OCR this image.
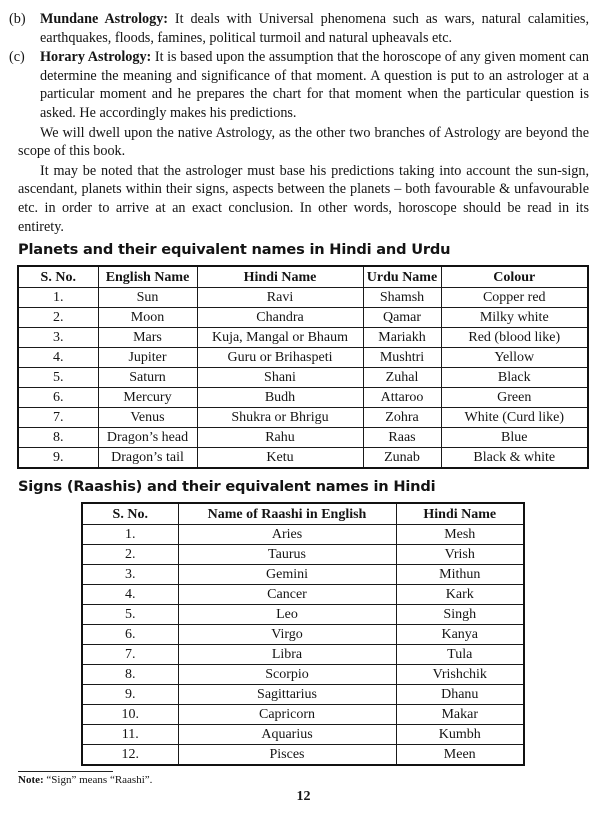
(b) Mundane Astrology: It deals with Universal phenomena such as wars, natural calamities, earthquakes, floods, famines, political turmoil and natural upheavals etc.
(c) Horary Astrology: It is based upon the assumption that the horoscope of any given moment can determine the meaning and significance of that moment. A question is put to an astrologer at a particular moment and he prepares the chart for that moment when the particular question is asked. He accordingly makes his predictions.
We will dwell upon the native Astrology, as the other two branches of Astrology are beyond the scope of this book.
It may be noted that the astrologer must base his predictions taking into account the sun-sign, ascendant, planets within their signs, aspects between the planets – both favourable & unfavourable etc. in order to arrive at an exact conclusion. In other words, horoscope should be read in its entirety.
Planets and their equivalent names in Hindi and Urdu
S. No.	English Name	Hindi Name	Urdu Name	Colour
1.	Sun	Ravi	Shamsh	Copper red
2.	Moon	Chandra	Qamar	Milky white
3.	Mars	Kuja, Mangal or Bhaum	Mariakh	Red (blood like)
4.	Jupiter	Guru or Brihaspeti	Mushtri	Yellow
5.	Saturn	Shani	Zuhal	Black
6.	Mercury	Budh	Attaroo	Green
7.	Venus	Shukra or Bhrigu	Zohra	White (Curd like)
8.	Dragon’s head	Rahu	Raas	Blue
9.	Dragon’s tail	Ketu	Zunab	Black & white
Signs (Raashis) and their equivalent names in Hindi
S. No.	Name of Raashi in English	Hindi Name
1.	Aries	Mesh
2.	Taurus	Vrish
3.	Gemini	Mithun
4.	Cancer	Kark
5.	Leo	Singh
6.	Virgo	Kanya
7.	Libra	Tula
8.	Scorpio	Vrishchik
9.	Sagittarius	Dhanu
10.	Capricorn	Makar
11.	Aquarius	Kumbh
12.	Pisces	Meen
Note: “Sign” means “Raashi”.
12
